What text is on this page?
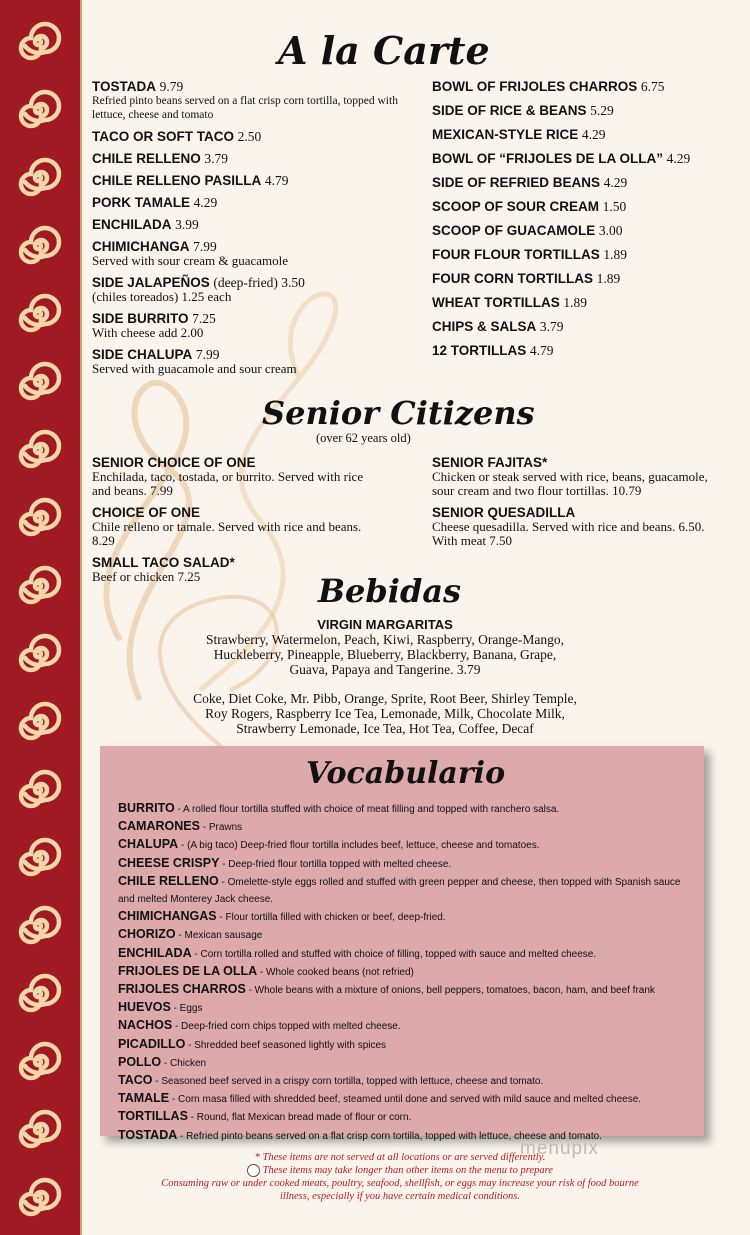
A la Carte
TOSTADA 9.79
Refried pinto beans served on a flat crisp corn tortilla, topped with lettuce, cheese and tomato
TACO OR SOFT TACO 2.50
CHILE RELLENO 3.79
CHILE RELLENO PASILLA 4.79
PORK TAMALE 4.29
ENCHILADA 3.99
CHIMICHANGA 7.99
Served with sour cream & guacamole
SIDE JALAPEÑOS (deep-fried) 3.50
(chiles toreados) 1.25 each
SIDE BURRITO 7.25
With cheese add 2.00
SIDE CHALUPA 7.99
Served with guacamole and sour cream
BOWL OF FRIJOLES CHARROS 6.75
SIDE OF RICE & BEANS 5.29
MEXICAN-STYLE RICE 4.29
BOWL OF “FRIJOLES DE LA OLLA” 4.29
SIDE OF REFRIED BEANS 4.29
SCOOP OF SOUR CREAM 1.50
SCOOP OF GUACAMOLE 3.00
FOUR FLOUR TORTILLAS 1.89
FOUR CORN TORTILLAS 1.89
WHEAT TORTILLAS 1.89
CHIPS & SALSA 3.79
12 TORTILLAS 4.79
Senior Citizens
(over 62 years old)
SENIOR CHOICE OF ONE
Enchilada, taco, tostada, or burrito. Served with rice and beans. 7.99
CHOICE OF ONE
Chile relleno or tamale. Served with rice and beans. 8.29
SMALL TACO SALAD*
Beef or chicken 7.25
SENIOR FAJITAS*
Chicken or steak served with rice, beans, guacamole, sour cream and two flour tortillas. 10.79
SENIOR QUESADILLA
Cheese quesadilla. Served with rice and beans. 6.50. With meat 7.50
Bebidas
VIRGIN MARGARITAS
Strawberry, Watermelon, Peach, Kiwi, Raspberry, Orange-Mango,
Huckleberry, Pineapple, Blueberry, Blackberry, Banana, Grape,
Guava, Papaya and Tangerine. 3.79
Coke, Diet Coke, Mr. Pibb, Orange, Sprite, Root Beer, Shirley Temple,
Roy Rogers, Raspberry Ice Tea, Lemonade, Milk, Chocolate Milk,
Strawberry Lemonade, Ice Tea, Hot Tea, Coffee, Decaf
Vocabulario
BURRITO - A rolled flour tortilla stuffed with choice of meat filling and topped with ranchero salsa.
CAMARONES - Prawns
CHALUPA - (A big taco) Deep-fried flour tortilla includes beef, lettuce, cheese and tomatoes.
CHEESE CRISPY - Deep-fried flour tortilla topped with melted cheese.
CHILE RELLENO - Omelette-style eggs rolled and stuffed with green pepper and cheese, then topped with Spanish sauce and melted Monterey Jack cheese.
CHIMICHANGAS - Flour tortilla filled with chicken or beef, deep-fried.
CHORIZO - Mexican sausage
ENCHILADA - Corn tortilla rolled and stuffed with choice of filling, topped with sauce and melted cheese.
FRIJOLES DE LA OLLA - Whole cooked beans (not refried)
FRIJOLES CHARROS - Whole beans with a mixture of onions, bell peppers, tomatoes, bacon, ham, and beef frank
HUEVOS - Eggs
NACHOS - Deep-fried corn chips topped with melted cheese.
PICADILLO - Shredded beef seasoned lightly with spices
POLLO - Chicken
TACO - Seasoned beef served in a crispy corn tortilla, topped with lettuce, cheese and tomato.
TAMALE - Corn masa filled with shredded beef, steamed until done and served with mild sauce and melted cheese.
TORTILLAS - Round, flat Mexican bread made of flour or corn.
TOSTADA - Refried pinto beans served on a flat crisp corn tortilla, topped with lettuce, cheese and tomato.
menupix
* These items are not served at all locations or are served differently.
These items may take longer than other items on the menu to prepare
Consuming raw or under cooked meats, poultry, seafood, shellfish, or eggs may increase your risk of food bourne
illness, especially if you have certain medical conditions.
